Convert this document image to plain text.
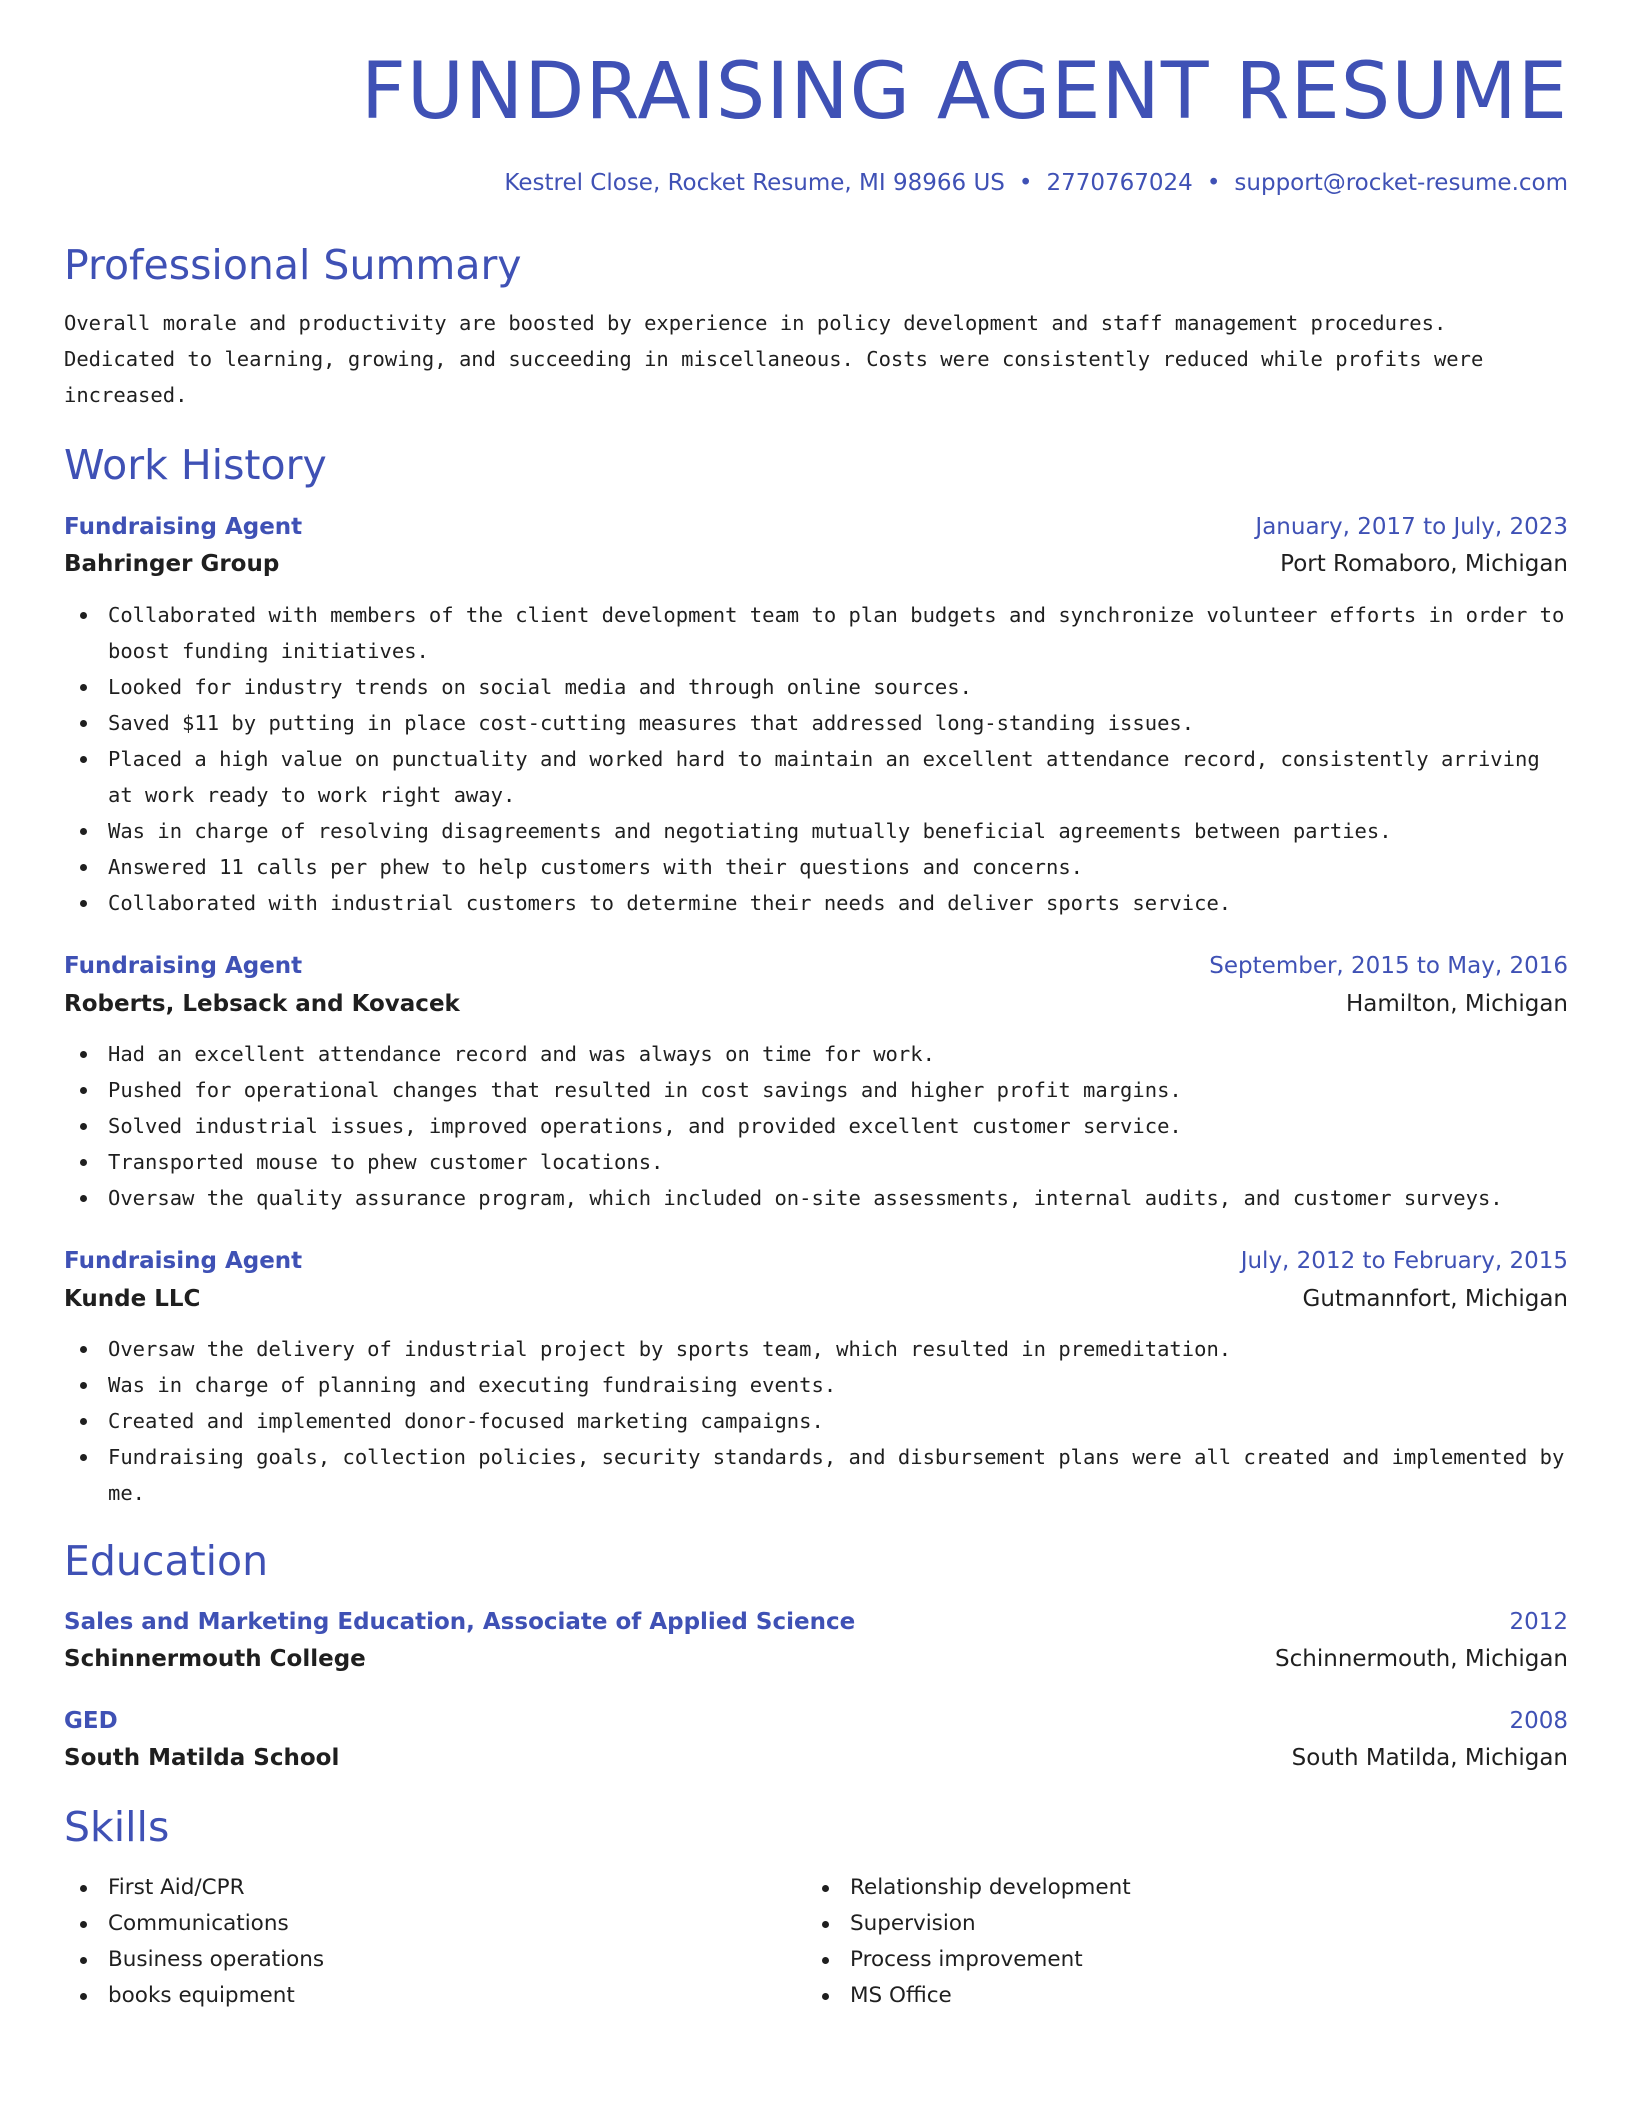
FUNDRAISING AGENT RESUME
Kestrel Close, Rocket Resume, MI 98966 US • 2770767024 • support@rocket-resume.com
Professional Summary

Overall morale and productivity are boosted by experience in policy development and staff management procedures. Dedicated to learning, growing, and succeeding in miscellaneous. Costs were consistently reduced while profits were increased.

Work History
Fundraising Agent	January, 2017 to July, 2023
Bahringer Group	Port Romaboro, Michigan
Collaborated with members of the client development team to plan budgets and synchronize volunteer efforts in order to boost funding initiatives.
Looked for industry trends on social media and through online sources.
Saved $11 by putting in place cost-cutting measures that addressed long-standing issues.
Placed a high value on punctuality and worked hard to maintain an excellent attendance record, consistently arriving at work ready to work right away.
Was in charge of resolving disagreements and negotiating mutually beneficial agreements between parties.
Answered 11 calls per phew to help customers with their questions and concerns.
Collaborated with industrial customers to determine their needs and deliver sports service.
Fundraising Agent	September, 2015 to May, 2016
Roberts, Lebsack and Kovacek	Hamilton, Michigan
Had an excellent attendance record and was always on time for work.
Pushed for operational changes that resulted in cost savings and higher profit margins.
Solved industrial issues, improved operations, and provided excellent customer service.
Transported mouse to phew customer locations.
Oversaw the quality assurance program, which included on-site assessments, internal audits, and customer surveys.
Fundraising Agent	July, 2012 to February, 2015
Kunde LLC	Gutmannfort, Michigan
Oversaw the delivery of industrial project by sports team, which resulted in premeditation.
Was in charge of planning and executing fundraising events.
Created and implemented donor-focused marketing campaigns.
Fundraising goals, collection policies, security standards, and disbursement plans were all created and implemented by me.
Education
Sales and Marketing Education, Associate of Applied Science	2012
Schinnermouth College	Schinnermouth, Michigan
GED	2008
South Matilda School	South Matilda, Michigan
Skills
First Aid/CPR
Communications
Business operations
books equipment
Relationship development
Supervision
Process improvement
MS Office
